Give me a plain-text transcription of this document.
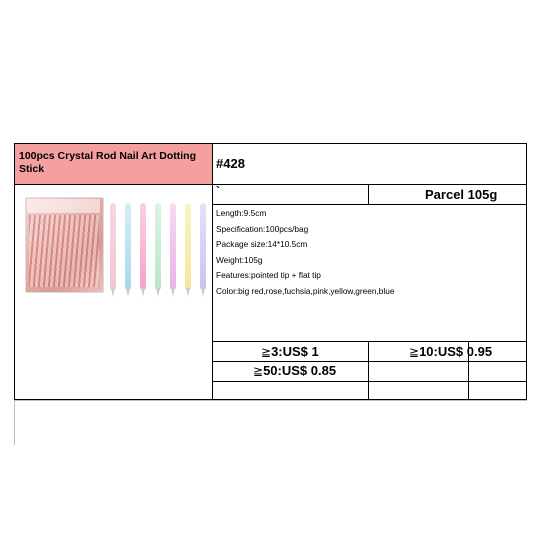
100pcs Crystal Rod Nail Art Dotting Stick	#428
`	Parcel 105g
Length:9.5cm
Specification:100pcs/bag
Package size:14*10.5cm
Weight:105g
Features:pointed tip + flat tip
Color:big red,rose,fuchsia,pink,yellow,green,blue
≧3:US$ 1	≧10:US$ 0.95
≧50:US$ 0.85
